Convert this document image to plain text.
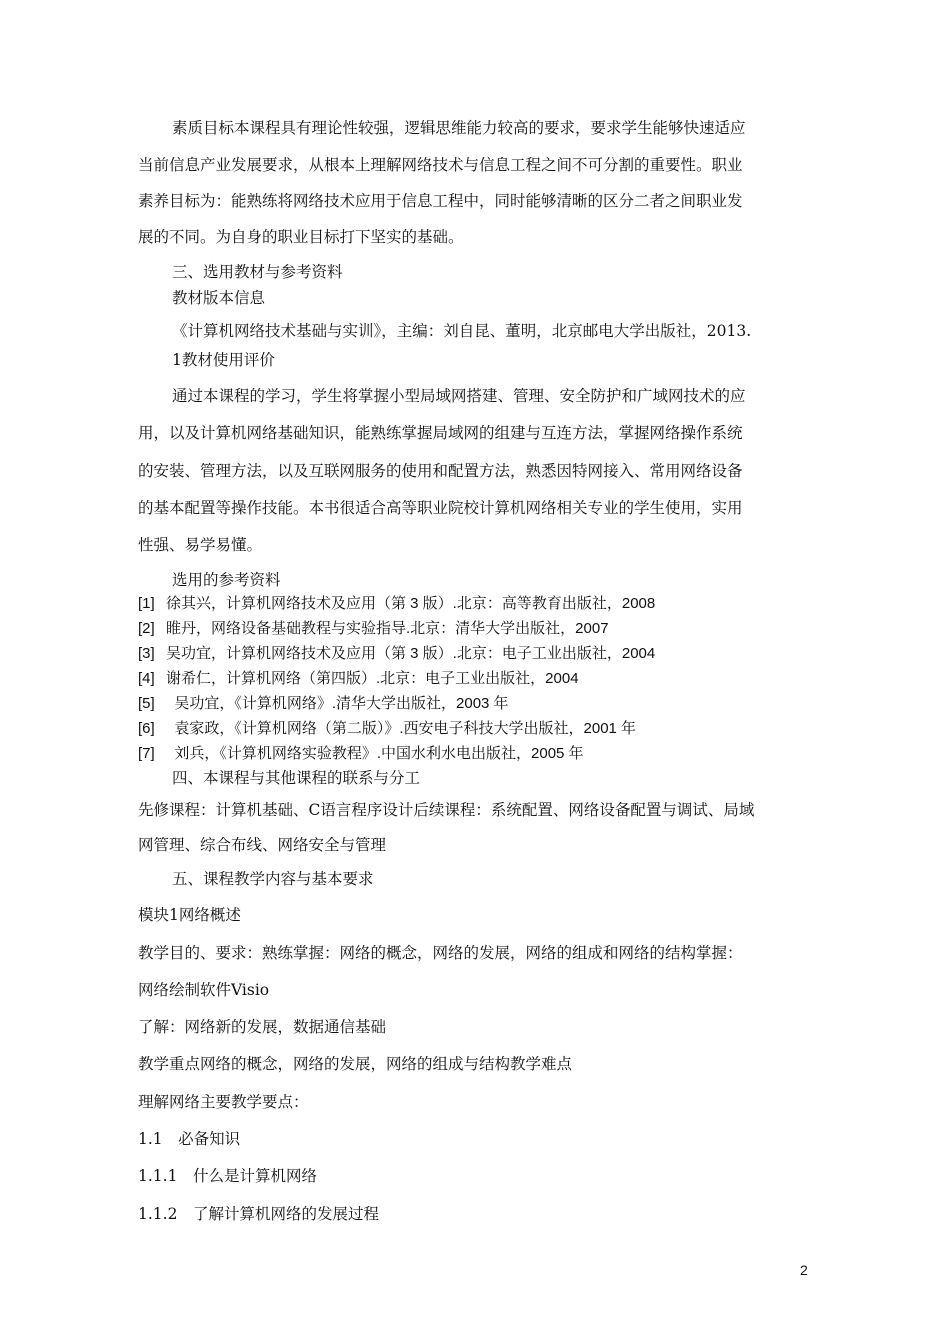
素质目标本课程具有理论性较强，逻辑思维能力较高的要求，要求学生能够快速适应
当前信息产业发展要求，从根本上理解网络技术与信息工程之间不可分割的重要性。职业
素养目标为：能熟练将网络技术应用于信息工程中，同时能够清晰的区分二者之间职业发
展的不同。为自身的职业目标打下坚实的基础。
三、选用教材与参考资料
教材版本信息
《计算机网络技术基础与实训》，主编：刘自昆、董明，北京邮电大学出版社，2013.
1教材使用评价
通过本课程的学习，学生将掌握小型局域网搭建、管理、安全防护和广域网技术的应
用，以及计算机网络基础知识，能熟练掌握局域网的组建与互连方法，掌握网络操作系统
的安装、管理方法，以及互联网服务的使用和配置方法，熟悉因特网接入、常用网络设备
的基本配置等操作技能。本书很适合高等职业院校计算机网络相关专业的学生使用，实用
性强、易学易懂。
选用的参考资料
[1] 徐其兴，计算机网络技术及应用（第 3 版）.北京：高等教育出版社，2008
[2] 睢丹，网络设备基础教程与实验指导.北京：清华大学出版社，2007
[3] 吴功宜，计算机网络技术及应用（第 3 版）.北京：电子工业出版社，2004
[4] 谢希仁，计算机网络（第四版）.北京：电子工业出版社，2004
[5]  吴功宜，《计算机网络》.清华大学出版社，2003 年
[6]  袁家政，《计算机网络（第二版）》.西安电子科技大学出版社，2001 年
[7]  刘兵，《计算机网络实验教程》.中国水利水电出版社，2005 年
四、本课程与其他课程的联系与分工
先修课程：计算机基础、C语言程序设计后续课程：系统配置、网络设备配置与调试、局域
网管理、综合布线、网络安全与管理
五、课程教学内容与基本要求
模块1网络概述
教学目的、要求：熟练掌握：网络的概念，网络的发展，网络的组成和网络的结构掌握：
网络绘制软件Visio
了解：网络新的发展，数据通信基础
教学重点网络的概念，网络的发展，网络的组成与结构教学难点
理解网络主要教学要点：
1.1　必备知识
1.1.1　什么是计算机网络
1.1.2　了解计算机网络的发展过程
2
